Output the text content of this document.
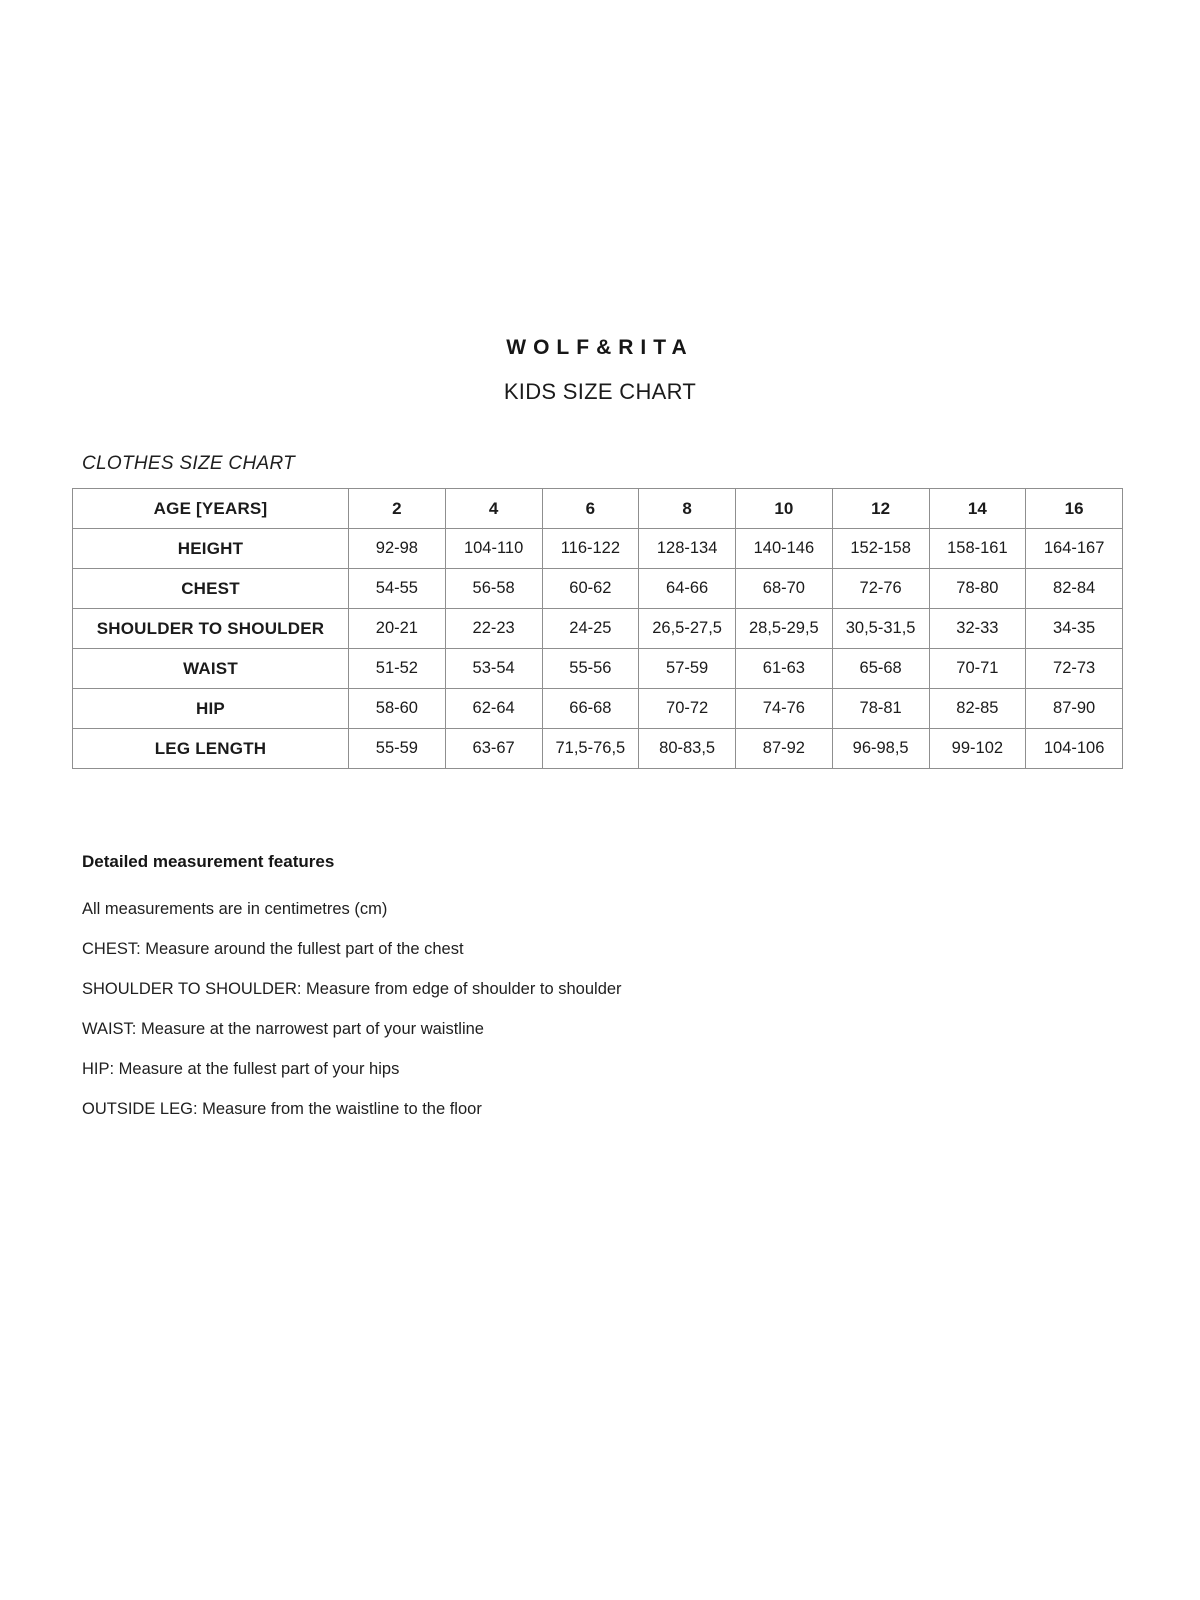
WOLF&RITA
KIDS SIZE CHART
CLOTHES SIZE CHART
AGE [YEARS]	2	4	6	8	10	12	14	16
HEIGHT	92-98	104-110	116-122	128-134	140-146	152-158	158-161	164-167
CHEST	54-55	56-58	60-62	64-66	68-70	72-76	78-80	82-84
SHOULDER TO SHOULDER	20-21	22-23	24-25	26,5-27,5	28,5-29,5	30,5-31,5	32-33	34-35
WAIST	51-52	53-54	55-56	57-59	61-63	65-68	70-71	72-73
HIP	58-60	62-64	66-68	70-72	74-76	78-81	82-85	87-90
LEG LENGTH	55-59	63-67	71,5-76,5	80-83,5	87-92	96-98,5	99-102	104-106
Detailed measurement features
All measurements are in centimetres (cm)
CHEST: Measure around the fullest part of the chest
SHOULDER TO SHOULDER: Measure from edge of shoulder to shoulder
WAIST: Measure at the narrowest part of your waistline
HIP: Measure at the fullest part of your hips
OUTSIDE LEG: Measure from the waistline to the floor
